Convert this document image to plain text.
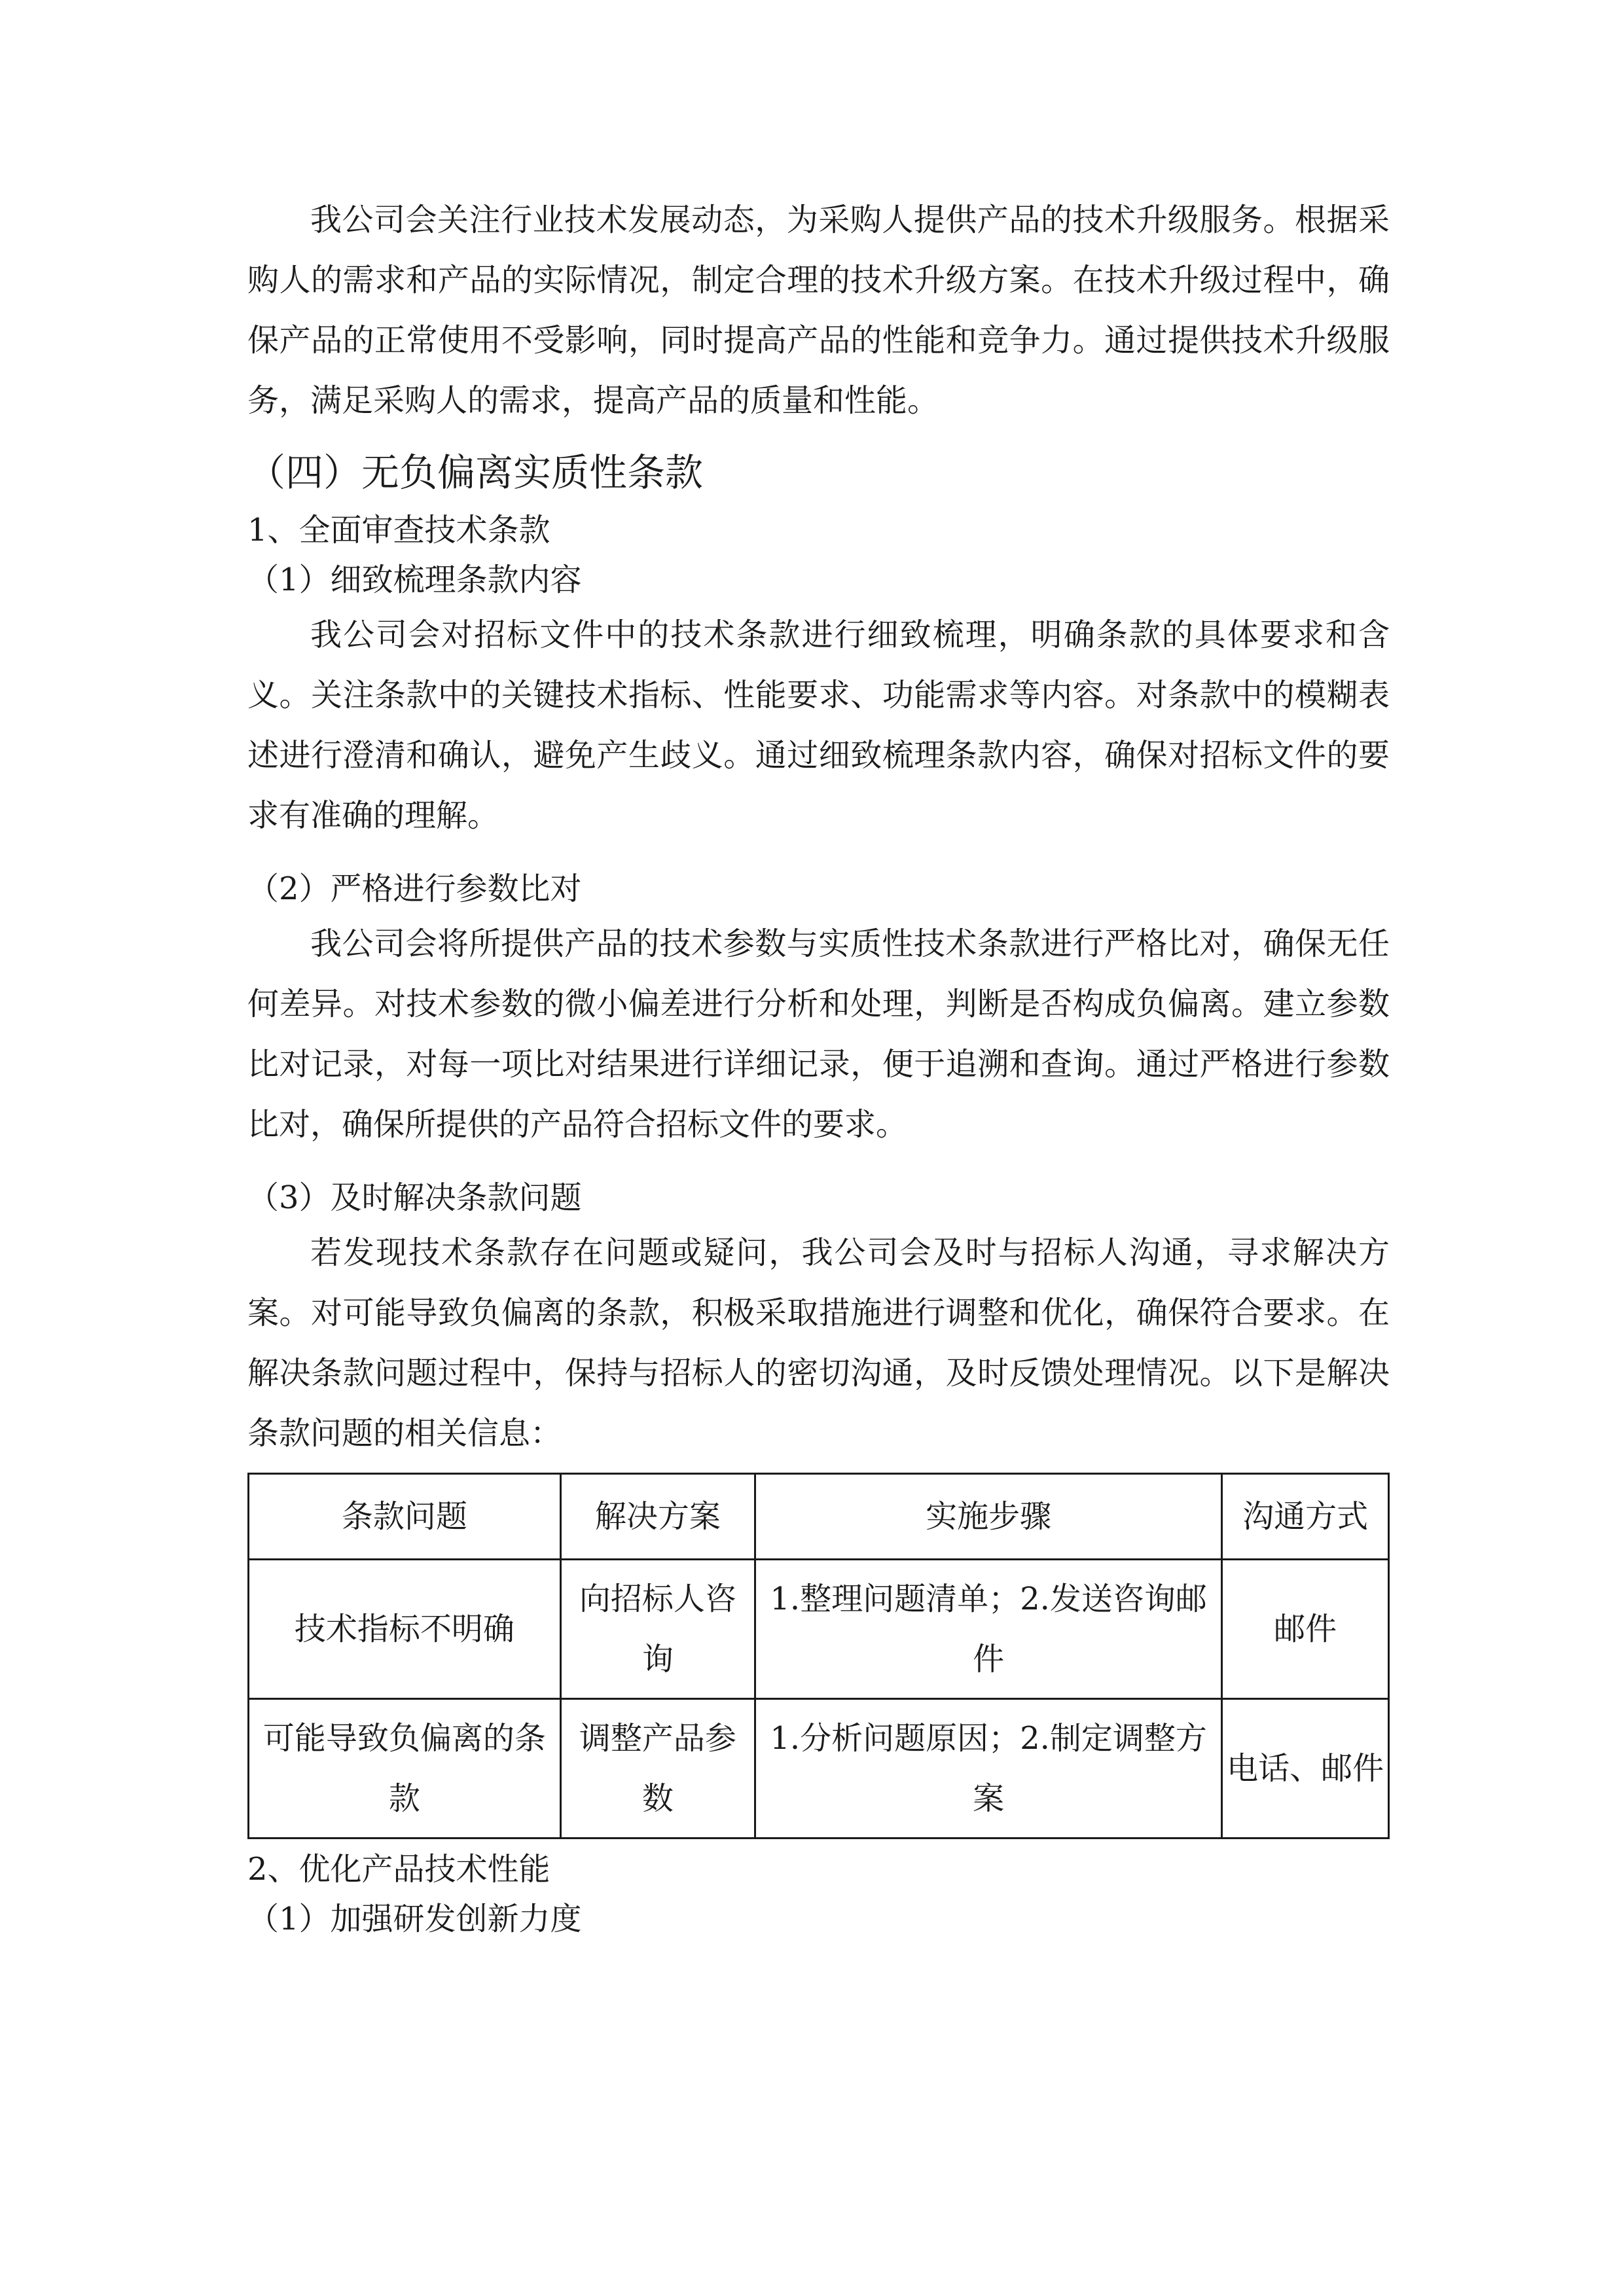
我公司会关注行业技术发展动态，为采购人提供产品的技术升级服务。根据采购人的需求和产品的实际情况，制定合理的技术升级方案。在技术升级过程中，确保产品的正常使用不受影响，同时提高产品的性能和竞争力。通过提供技术升级服务，满足采购人的需求，提高产品的质量和性能。

（四）无负偏离实质性条款

1、全面审查技术条款

（1）细致梳理条款内容

我公司会对招标文件中的技术条款进行细致梳理，明确条款的具体要求和含义。关注条款中的关键技术指标、性能要求、功能需求等内容。对条款中的模糊表述进行澄清和确认，避免产生歧义。通过细致梳理条款内容，确保对招标文件的要求有准确的理解。

（2）严格进行参数比对

我公司会将所提供产品的技术参数与实质性技术条款进行严格比对，确保无任何差异。对技术参数的微小偏差进行分析和处理，判断是否构成负偏离。建立参数比对记录，对每一项比对结果进行详细记录，便于追溯和查询。通过严格进行参数比对，确保所提供的产品符合招标文件的要求。

（3）及时解决条款问题

若发现技术条款存在问题或疑问，我公司会及时与招标人沟通，寻求解决方案。对可能导致负偏离的条款，积极采取措施进行调整和优化，确保符合要求。在解决条款问题过程中，保持与招标人的密切沟通，及时反馈处理情况。以下是解决条款问题的相关信息：

条款问题	解决方案	实施步骤	沟通方式
技术指标不明确	向招标人咨询	1.整理问题清单；2.发送咨询邮件	邮件
可能导致负偏离的条款	调整产品参数	1.分析问题原因；2.制定调整方案	电话、邮件

2、优化产品技术性能

（1）加强研发创新力度
